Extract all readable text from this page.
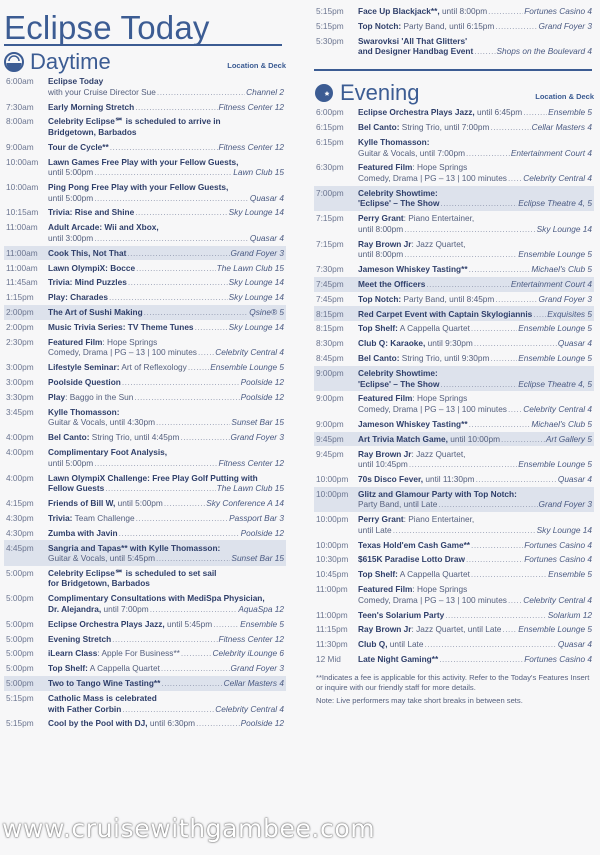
Eclipse Today
Daytime	Location & Deck
6:00am	Eclipse Today
with your Cruise Director Sue .....	Channel 2
7:30am	Early Morning Stretch .....	Fitness Center 12
8:00am	Celebrity Eclipse℠ is scheduled to arrive in
Bridgetown, Barbados
9:00am	Tour de Cycle** .....	Fitness Center 12
10:00am	Lawn Games Free Play with your Fellow Guests,
until 5:00pm .....	Lawn Club 15
10:00am	Ping Pong Free Play with your Fellow Guests,
until 5:00pm .....	Quasar 4
10:15am	Trivia: Rise and Shine .....	Sky Lounge 14
11:00am	Adult Arcade: Wii and Xbox,
until 3:00pm .....	Quasar 4
11:00am	Cook This, Not That .....	Grand Foyer 3
11:00am	Lawn OlympiX: Bocce .....	The Lawn Club 15
11:45am	Trivia: Mind Puzzles .....	Sky Lounge 14
1:15pm	Play: Charades .....	Sky Lounge 14
2:00pm	The Art of Sushi Making .....	Qsine® 5
2:00pm	Music Trivia Series: TV Theme Tunes .....	Sky Lounge 14
2:30pm	Featured Film : Hope Springs
Comedy, Drama | PG – 13 | 100 minutes ..... Celebrity Central 4
3:00pm	Lifestyle Seminar: Art of Reflexology .....	Ensemble Lounge 5
3:00pm	Poolside Question .....	Poolside 12
3:30pm	Play : Baggo in the Sun .....	Poolside 12
3:45pm	Kylle Thomasson:
Guitar & Vocals, until 4:30pm .....	Sunset Bar 15
4:00pm	Bel Canto: String Trio, until 4:45pm .....	Grand Foyer 3
4:00pm	Complimentary Foot Analysis,
until 5:00pm .....	Fitness Center 12
4:00pm	Lawn OlympiX Challenge: Free Play Golf Putting with
Fellow Guests .....	The Lawn Club 15
4:15pm	Friends of Bill W, until 5:00pm .....	Sky Conference A 14
4:30pm	Trivia: Team Challenge .....	Passport Bar 3
4:30pm	Zumba with Javin .....	Poolside 12
4:45pm	Sangria and Tapas** with Kylle Thomasson:
Guitar & Vocals, until 5:45pm .....	Sunset Bar 15
5:00pm	Celebrity Eclipse℠ is scheduled to set sail
for Bridgetown, Barbados
5:00pm	Complimentary Consultations with MediSpa Physician,
Dr. Alejandra, until 7:00pm .....	AquaSpa 12
5:00pm	Eclipse Orchestra Plays Jazz, until 5:45pm .....	Ensemble 5
5:00pm	Evening Stretch .....	Fitness Center 12
5:00pm	iLearn Class : Apple For Business** .....	Celebrity iLounge 6
5:00pm	Top Shelf: A Cappella Quartet .....	Grand Foyer 3
5:00pm	Two to Tango Wine Tasting** .....	Cellar Masters 4
5:15pm	Catholic Mass is celebrated
with Father Corbin .....	Celebrity Central 4
5:15pm	Cool by the Pool with DJ, until 6:30pm .....	Poolside 12
5:15pm	Face Up Blackjack**, until 8:00pm .....	Fortunes Casino 4
5:15pm	Top Notch: Party Band, until 6:15pm .....	Grand Foyer 3
5:30pm	Swarovksi 'All That Glitters'
and Designer Handbag Event .....	Shops on the Boulevard 4
Evening	Location & Deck
6:00pm	Eclipse Orchestra Plays Jazz, until 6:45pm .....	Ensemble 5
6:15pm	Bel Canto: String Trio, until 7:00pm .....	Cellar Masters 4
6:15pm	Kylle Thomasson:
Guitar & Vocals, until 7:00pm .....	Entertainment Court 4
6:30pm	Featured Film : Hope Springs
Comedy, Drama | PG – 13 | 100 minutes ..... Celebrity Central 4
7:00pm	Celebrity Showtime:
'Eclipse' – The Show .....	Eclipse Theatre 4, 5
7:15pm	Perry Grant : Piano Entertainer,
until 8:00pm .....	Sky Lounge 14
7:15pm	Ray Brown Jr : Jazz Quartet,
until 8:00pm .....	Ensemble Lounge 5
7:30pm	Jameson Whiskey Tasting** .....	Michael's Club 5
7:45pm	Meet the Officers .....	Entertainment Court 4
7:45pm	Top Notch: Party Band, until 8:45pm .....	Grand Foyer 3
8:15pm	Red Carpet Event with Captain Skylogiannis ..... Exquisites 5
8:15pm	Top Shelf: A Cappella Quartet .....	Ensemble Lounge 5
8:30pm	Club Q: Karaoke, until 9:30pm .....	Quasar 4
8:45pm	Bel Canto: String Trio, until 9:30pm .....	Ensemble Lounge 5
9:00pm	Celebrity Showtime:
'Eclipse' – The Show .....	Eclipse Theatre 4, 5
9:00pm	Featured Film : Hope Springs
Comedy, Drama | PG – 13 | 100 minutes ..... Celebrity Central 4
9:00pm	Jameson Whiskey Tasting** .....	Michael's Club 5
9:45pm	Art Trivia Match Game, until 10:00pm .....	Art Gallery 5
9:45pm	Ray Brown Jr : Jazz Quartet,
until 10:45pm .....	Ensemble Lounge 5
10:00pm	70s Disco Fever, until 11:30pm .....	Quasar 4
10:00pm	Glitz and Glamour Party with Top Notch:
Party Band, until Late .....	Grand Foyer 3
10:00pm	Perry Grant : Piano Entertainer,
until Late .....	Sky Lounge 14
10:00pm	Texas Hold'em Cash Game** .....	Fortunes Casino 4
10:30pm	$615K Paradise Lotto Draw .....	Fortunes Casino 4
10:45pm	Top Shelf: A Cappella Quartet .....	Ensemble 5
11:00pm	Featured Film : Hope Springs
Comedy, Drama | PG – 13 | 100 minutes ..... Celebrity Central 4
11:00pm	Teen's Solarium Party .....	Solarium 12
11:15pm	Ray Brown Jr : Jazz Quartet, until Late ..... Ensemble Lounge 5
11:30pm	Club Q, until Late .....	Quasar 4
12 Mid	Late Night Gaming** .....	Fortunes Casino 4

**Indicates a fee is applicable for this activity. Refer to the Today's Features Insert or inquire with our friendly staff for more details.

Note: Live performers may take short breaks in between sets.

www.cruisewithgambee.com
